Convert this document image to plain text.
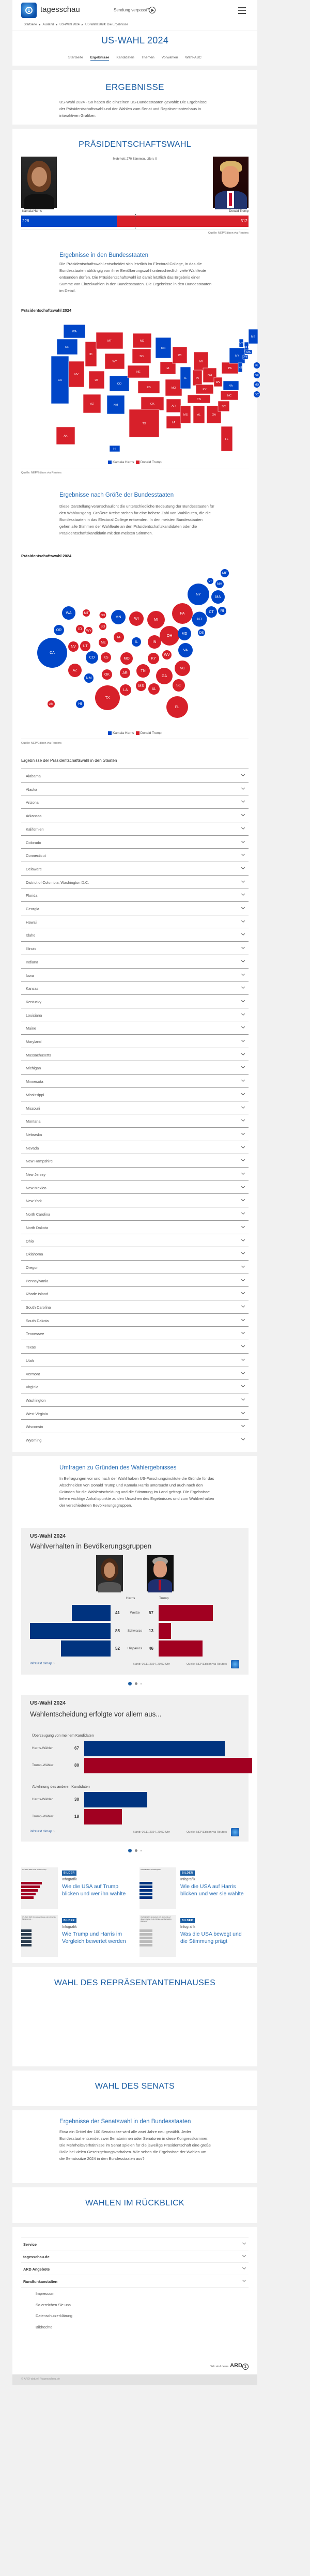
1	tagesschau	Sendung verpasst?
Startseite ▶ Ausland ▶ US-Wahl 2024 ▶ US-Wahl 2024: Die Ergebnisse
US-WAHL 2024
Startseite Ergebnisse Kandidaten Themen Vorwahlen Wahl-ABC
ERGEBNISSE
US-Wahl 2024 - So haben die einzelnen US-Bundesstaaten gewählt: Die Ergebnisse der Präsidentschaftswahl und der Wahlen zum Senat und Repräsentantenhaus in interaktiven Grafiken.
PRÄSIDENTSCHAFTSWAHL
Mehrheit: 270 Stimmen, offen: 0
Kamala Harris	Donald Trump
226	312
Quelle: NEP/Edison via Reuters
Ergebnisse in den Bundesstaaten
Die Präsidentschaftswahl entscheidet sich letztlich im Electoral College, in das die Bundesstaaten abhängig von ihrer Bevölkerungszahl unterschiedlich viele Wahlleute entsenden dürfen. Die Präsidentschaftswahl ist damit letztlich das Ergebnis einer Summe von Einzelwahlen in den Bundesstaaten. Die Ergebnisse in den Bundesstaaten im Detail.
Präsidentschaftswahl 2024
WA
OR
CA
NV
ID
MT
WY
UT
CO
AZ	NM
ND
SD
NE
KS
OK
TX
MN
IA
MO
AR
LA
WI
IL
MI
IN
OH
KY
TN
MS	AL	GA
FL
SC
NC
VA
WV
PA
NY
VT
NH
ME
MA
CT
NJ
AK
HI
RI
DE
MD
DC
Kamala Harris Donald Trump
Quelle: NEP/Edison via Reuters
Ergebnisse nach Größe der Bundesstaaten
Diese Darstellung veranschaulicht die unterschiedliche Bedeutung der Bundesstaaten für den Wahlausgang. Größere Kreise stehen für eine höhere Zahl von Wahlleuten, die die Bundesstaaten in das Electoral College entsenden. In den meisten Bundesstaaten gehen alle Stimmen der Wahlleute an den Präsidentschaftskandidaten oder die Präsidentschaftskandidatin mit den meisten Stimmen.
Präsidentschaftswahl 2024
ME
VT
NH
NY
MA
WA	MT
ND	MN	WI	MI
PA	CT RI
NJ
OR	ID WY
SD
OH
MD	DE
CA
NV UT
NE
IA
IL	IN
VA
CO KS	MO	KY
WV
AZ
NM
OK	AR
TN
GA
NC
SC
TX
LA
MS
AL
FL
AK	HI
Kamala Harris Donald Trump
Quelle: NEP/Edison via Reuters
Ergebnisse der Präsidentschaftswahl in den Staaten
Alabama
Alaska
Arizona
Arkansas
Kalifornien
Colorado
Connecticut
Delaware
District of Columbia, Washington D.C.
Florida
Georgia
Hawaii
Idaho
Illinois
Indiana
Iowa
Kansas
Kentucky
Louisiana
Maine
Maryland
Massachusetts
Michigan
Minnesota
Mississippi
Missouri
Montana
Nebraska
Nevada
New Hampshire
New Jersey
New Mexico
New York
North Carolina
North Dakota
Ohio
Oklahoma
Oregon
Pennsylvania
Rhode Island
South Carolina
South Dakota
Tennessee
Texas
Utah
Vermont
Virginia
Washington
West Virginia
Wisconsin
Wyoming
Umfragen zu Gründen des Wahlergebnisses
In Befragungen vor und nach der Wahl haben US-Forschungsinstitute die Gründe für das Abschneiden von Donald Trump und Kamala Harris untersucht und auch nach den Gründen für die Wahlentscheidung und die Stimmung im Land gefragt. Die Ergebnisse liefern wichtige Anhaltspunkte zu den Ursachen des Ergebnisses und zum Wahlverhalten der verschiedenen Bevölkerungsgruppen.
US-Wahl 2024
Wahlverhalten in Bevölkerungsgruppen
Harris	Trump
41	Weiße	57
85	Schwarze	13
52	Hispanics	46
infratest dimap ◌	Stand: 06.11.2024, 20:52 Uhr	Quelle: NEP/Edison via Reuters
US-Wahl 2024
Wahlentscheidung erfolgte vor allem aus...
Überzeugung von meinem Kandidaten
Harris-Wähler	67
Trump-Wähler	80
Ablehnung des anderen Kandidaten
Harris-Wähler	30
Trump-Wähler	18
infratest dimap ◌	Stand: 06.11.2024, 20:52 Uhr	Quelle: NEP/Edison via Reuters
US-Wahl 2024 Profil Donald Trump
BILDER
Infografik
Wie die USA auf Trump blicken und wer ihn wählte
US-Wahl 2024 Profilvergleich
BILDER
Infografik
Wie die USA auf Harris blicken und wer sie wählte
US-Wahl 2024 Überwiegend gute oder schlechte Meinung von...	BILDER
Infografik
Wie Trump und Harris im Vergleich bewertet werden
US-Wahl 2024 Entwickelt sich das Land auf diesem Gebiet in die richtige oder die falsche Richtung?	BILDER
Infografik
Was die USA bewegt und die Stimmung prägt
WAHL DES REPRÄSENTANTENHAUSES
WAHL DES SENATS
Ergebnisse der Senatswahl in den Bundesstaaten
Etwa ein Drittel der 100 Senatssitze wird alle zwei Jahre neu gewählt. Jeder Bundesstaat entsendet zwei Senatorinnen oder Senatoren in diese Kongresskammer. Die Mehrheitsverhältnisse im Senat spielen für die jeweilige Präsidentschaft eine große Rolle bei vielen Gesetzgebungsvorhaben. Wie sehen die Ergebnisse der Wahlen um die Senatssitze 2024 in den Bundesstaaten aus?
WAHLEN IM RÜCKBLICK
Wir sind deins. ARD 1
Service
tagesschau.de
ARD Angebote
Rundfunkanstalten
Impressum
So erreichen Sie uns
Datenschutzerklärung
Bildrechte
© ARD-aktuell / tagesschau.de
